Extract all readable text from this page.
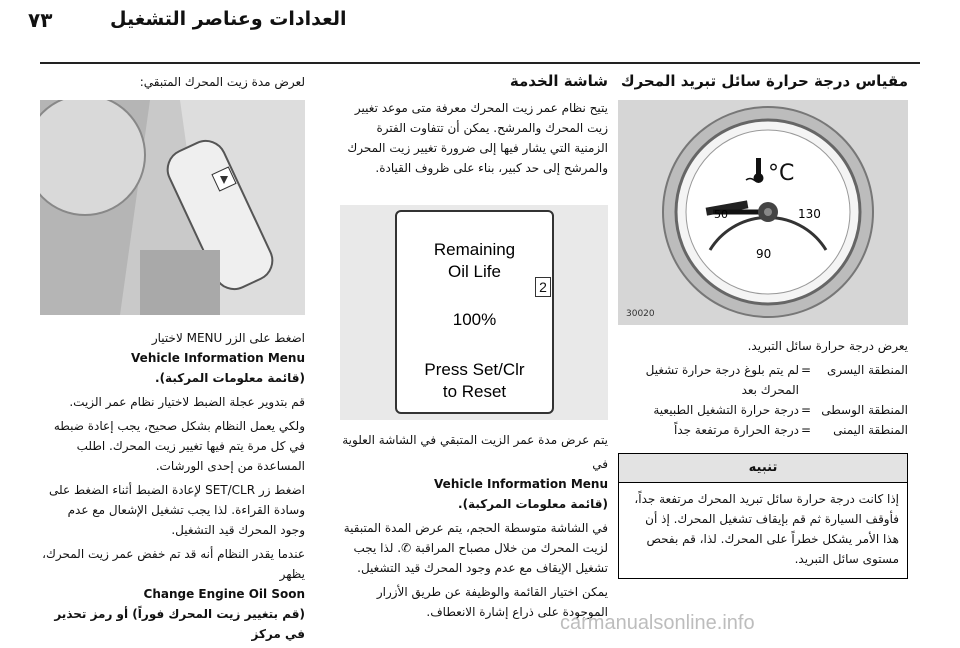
٧٣	العدادات وعناصر التشغيل
مقياس درجة حرارة سائل تبريد المحرك
50	130
90
°C
30020

يعرض درجة حرارة سائل التبريد.

المنطقة اليسرى
=
لم يتم بلوغ درجة حرارة تشغيل المحرك بعد
المنطقة الوسطى
=
درجة حرارة التشغيل الطبيعية
المنطقة اليمنى
=
درجة الحرارة مرتفعة جداً
تنبيه
إذا كانت درجة حرارة سائل تبريد المحرك مرتفعة جداً، فأوقف السيارة ثم قم بإيقاف تشغيل المحرك. إذ أن هذا الأمر يشكل خطراً على المحرك. لذا، قم بفحص مستوى سائل التبريد.
شاشة الخدمة

يتيح نظام عمر زيت المحرك معرفة متى موعد تغيير زيت المحرك والمرشح. يمكن أن تتفاوت الفترة الزمنية التي يشار فيها إلى ضرورة تغيير زيت المحرك والمرشح إلى حد كبير، بناء على ظروف القيادة.

Remaining
Oil Life
100%
Press Set/Clr
to Reset
2

يتم عرض مدة عمر الزيت المتبقي في الشاشة العلوية

في

Vehicle Information Menu

(قائمة معلومات المركبة).

في الشاشة متوسطة الحجم، يتم عرض المدة المتبقية لزيت المحرك من خلال مصباح المراقبة ✆. لذا يجب تشغيل الإيقاف مع عدم وجود المحرك قيد التشغيل.

يمكن اختيار القائمة والوظيفة عن طريق الأزرار الموجودة على ذراع إشارة الانعطاف.

لعرض مدة زيت المحرك المتبقي:

اضغط على الزر MENU لاختيار

Vehicle Information Menu

(قائمة معلومات المركبة).

قم بتدوير عجلة الضبط لاختيار نظام عمر الزيت.

ولكي يعمل النظام بشكل صحيح، يجب إعادة ضبطه في كل مرة يتم فيها تغيير زيت المحرك. اطلب المساعدة من إحدى الورشات.

اضغط زر SET/CLR لإعادة الضبط أثناء الضغط على وسادة القراءة. لذا يجب تشغيل الإشعال مع عدم وجود المحرك قيد التشغيل.

عندما يقدر النظام أنه قد تم خفض عمر زيت المحرك، يظهر

Change Engine Oil Soon

(قم بتغيير زيت المحرك فوراً) أو رمز تحذير في مركز	carmanualsonline.info
